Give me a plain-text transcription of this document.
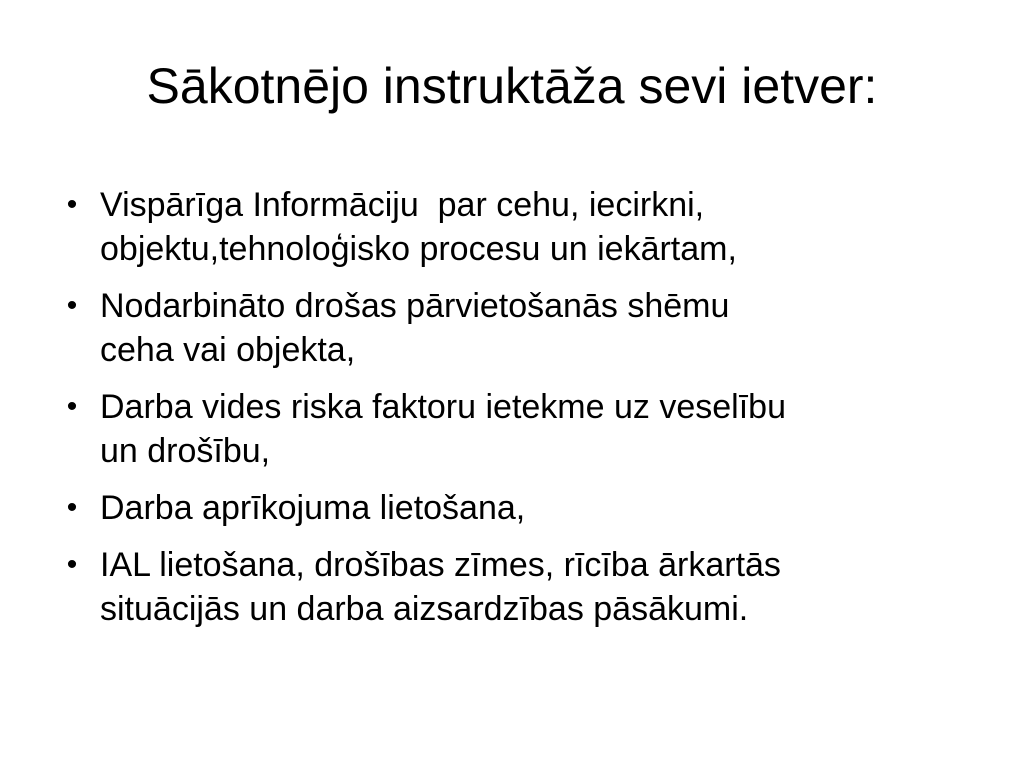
Sākotnējo instruktāža sevi ietver:
• Vispārīga Informāciju  par cehu, iecirkni,
objektu,tehnoloģisko procesu un iekārtam,
• Nodarbināto drošas pārvietošanās shēmu
ceha vai objekta,
• Darba vides riska faktoru ietekme uz veselību
un drošību,
• Darba aprīkojuma lietošana,
• IAL lietošana, drošības zīmes, rīcība ārkartās
situācijās un darba aizsardzības pāsākumi.
